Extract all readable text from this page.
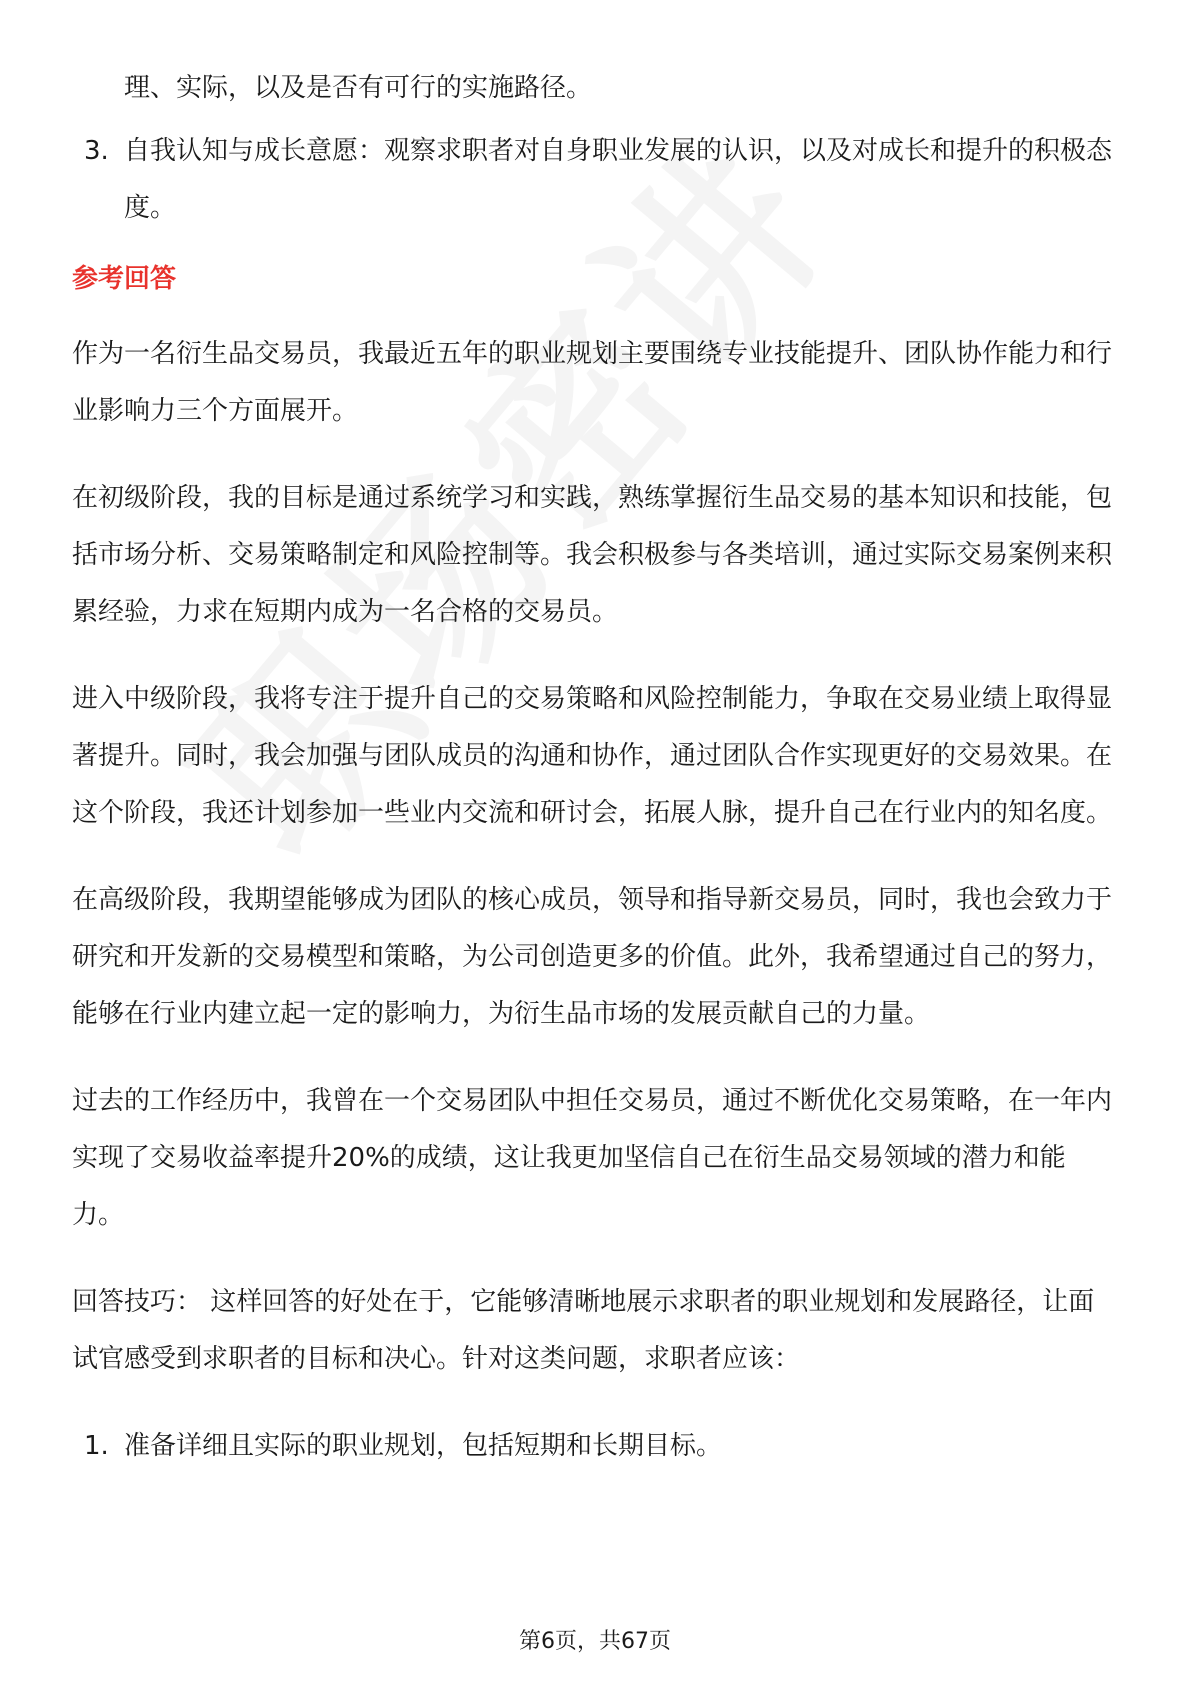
理、实际，以及是否有可行的实施路径。
3. 自我认知与成长意愿：观察求职者对自身职业发展的认识，以及对成长和提升的积极态度。
参考回答

作为一名衍生品交易员，我最近五年的职业规划主要围绕专业技能提升、团队协作能力和行业影响力三个方面展开。

在初级阶段，我的目标是通过系统学习和实践，熟练掌握衍生品交易的基本知识和技能，包括市场分析、交易策略制定和风险控制等。我会积极参与各类培训，通过实际交易案例来积累经验，力求在短期内成为一名合格的交易员。

进入中级阶段，我将专注于提升自己的交易策略和风险控制能力，争取在交易业绩上取得显著提升。同时，我会加强与团队成员的沟通和协作，通过团队合作实现更好的交易效果。在这个阶段，我还计划参加一些业内交流和研讨会，拓展人脉，提升自己在行业内的知名度。

在高级阶段，我期望能够成为团队的核心成员，领导和指导新交易员，同时，我也会致力于研究和开发新的交易模型和策略，为公司创造更多的价值。此外，我希望通过自己的努力，能够在行业内建立起一定的影响力，为衍生品市场的发展贡献自己的力量。

过去的工作经历中，我曾在一个交易团队中担任交易员，通过不断优化交易策略，在一年内实现了交易收益率提升20%的成绩，这让我更加坚信自己在衍生品交易领域的潜力和能力。

回答技巧： 这样回答的好处在于，它能够清晰地展示求职者的职业规划和发展路径，让面试官感受到求职者的目标和决心。针对这类问题，求职者应该：

1. 准备详细且实际的职业规划，包括短期和长期目标。
第6页，共67页
